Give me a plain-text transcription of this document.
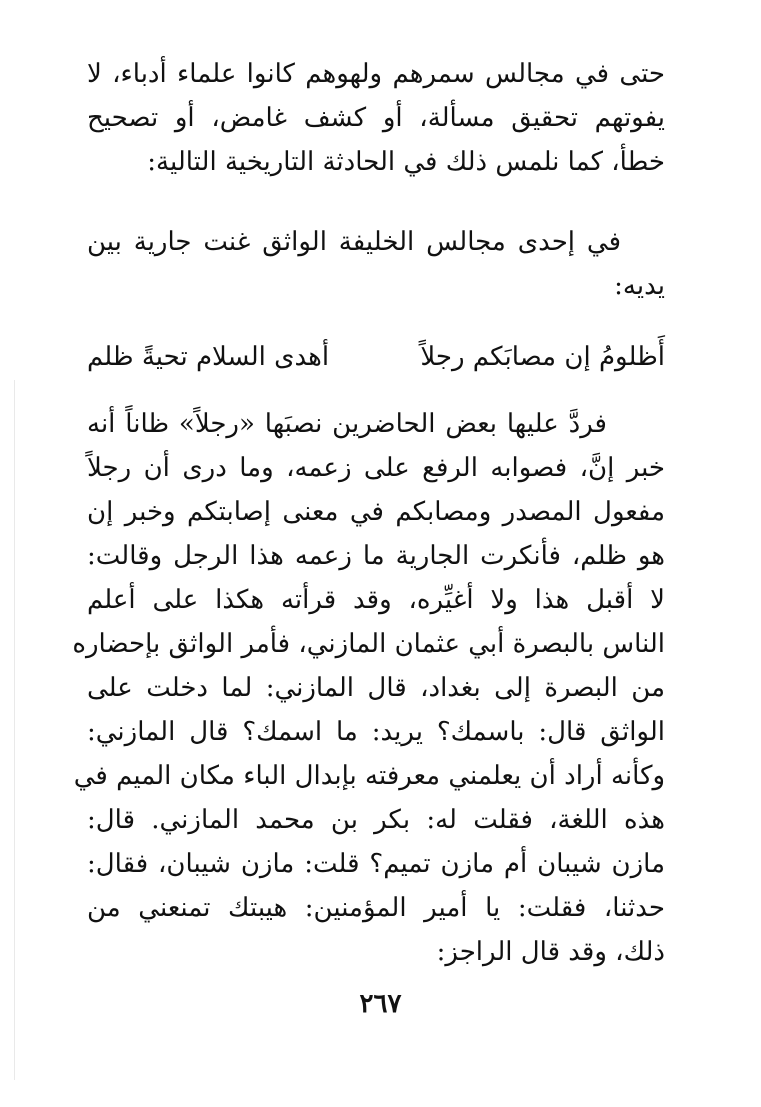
حتى في مجالس سمرهم ولهوهم كانوا علماء أدباء، لا
يفوتهم تحقيق مسألة، أو كشف غامض، أو تصحيح
خطأ، كما نلمس ذلك في الحادثة التاريخية التالية:
في إحدى مجالس الخليفة الواثق غنت جارية بين
يديه:
أَظلومُ إن مصابَكم رجلاً
أهدى السلام تحيةً ظلم
فردَّ عليها بعض الحاضرين نصبَها «رجلاً» ظاناً أنه
خبر إنَّ، فصوابه الرفع على زعمه، وما درى أن رجلاً
مفعول المصدر ومصابكم في معنى إصابتكم وخبر إن
هو ظلم، فأنكرت الجارية ما زعمه هذا الرجل وقالت:
لا أقبل هذا ولا أغيِّره، وقد قرأته هكذا على أعلم
الناس بالبصرة أبي عثمان المازني، فأمر الواثق بإحضاره
من البصرة إلى بغداد، قال المازني: لما دخلت على
الواثق قال: باسمك؟ يريد: ما اسمك؟ قال المازني:
وكأنه أراد أن يعلمني معرفته بإبدال الباء مكان الميم في
هذه اللغة، فقلت له: بكر بن محمد المازني. قال:
مازن شيبان أم مازن تميم؟ قلت: مازن شيبان، فقال:
حدثنا، فقلت: يا أمير المؤمنين: هيبتك تمنعني من
ذلك، وقد قال الراجز:
٢٦٧
